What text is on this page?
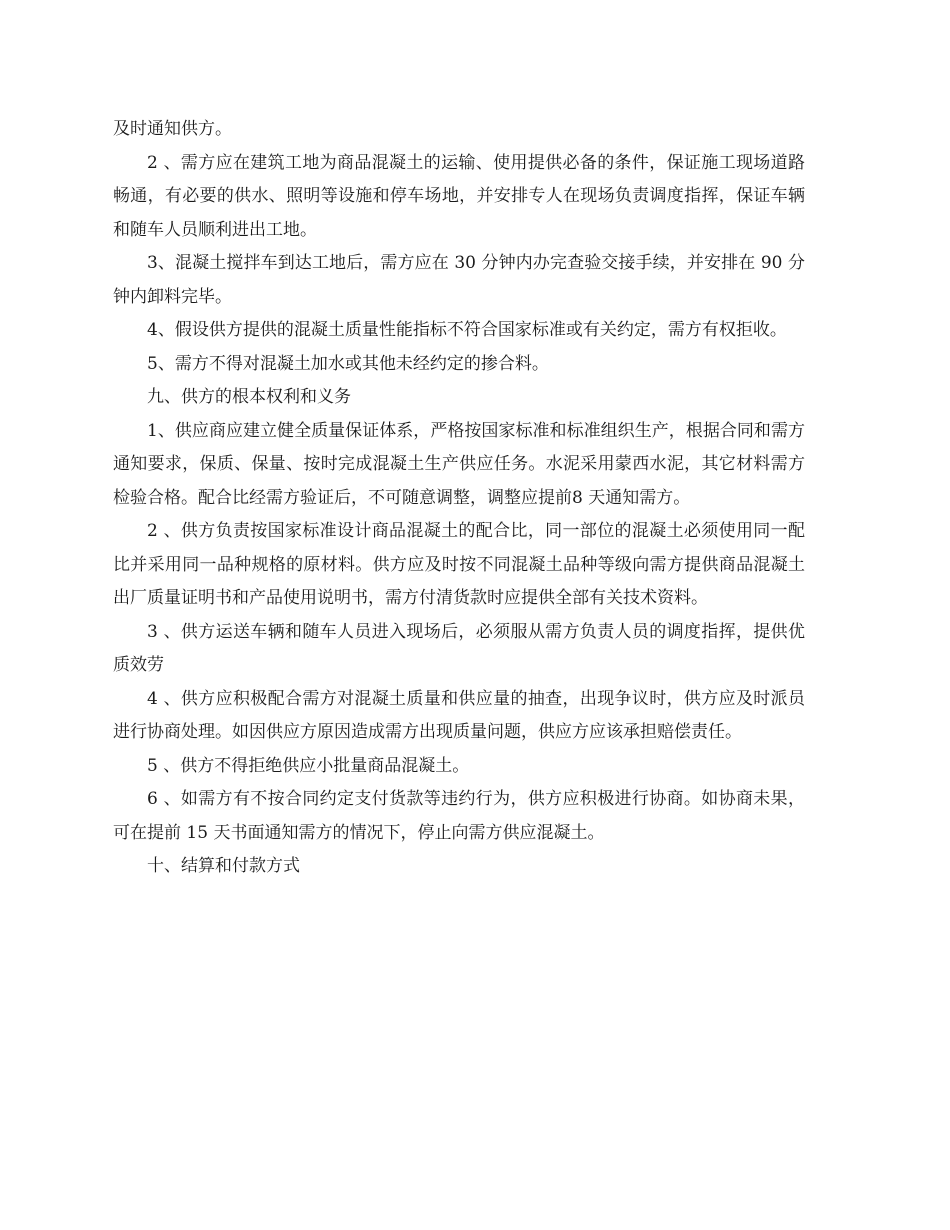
及时通知供方。

2 、需方应在建筑工地为商品混凝土的运输、使用提供必备的条件，保证施工现场道路畅通，有必要的供水、照明等设施和停车场地，并安排专人在现场负责调度指挥，保证车辆和随车人员顺利进出工地。

3、混凝土搅拌车到达工地后，需方应在 30 分钟内办完查验交接手续，并安排在 90 分钟内卸料完毕。

4、假设供方提供的混凝土质量性能指标不符合国家标准或有关约定，需方有权拒收。

5、需方不得对混凝土加水或其他未经约定的掺合料。

九、供方的根本权利和义务

1、供应商应建立健全质量保证体系，严格按国家标准和标准组织生产，根据合同和需方通知要求，保质、保量、按时完成混凝土生产供应任务。水泥采用蒙西水泥，其它材料需方检验合格。配合比经需方验证后，不可随意调整，调整应提前8 天通知需方。

2 、供方负责按国家标准设计商品混凝土的配合比，同一部位的混凝土必须使用同一配比并采用同一品种规格的原材料。供方应及时按不同混凝土品种等级向需方提供商品混凝土出厂质量证明书和产品使用说明书，需方付清货款时应提供全部有关技术资料。

3 、供方运送车辆和随车人员进入现场后，必须服从需方负责人员的调度指挥，提供优质效劳

4 、供方应积极配合需方对混凝土质量和供应量的抽查，出现争议时，供方应及时派员进行协商处理。如因供应方原因造成需方出现质量问题，供应方应该承担赔偿责任。

5 、供方不得拒绝供应小批量商品混凝土。

6 、如需方有不按合同约定支付货款等违约行为，供方应积极进行协商。如协商未果，可在提前 15 天书面通知需方的情况下，停止向需方供应混凝土。

十、结算和付款方式
